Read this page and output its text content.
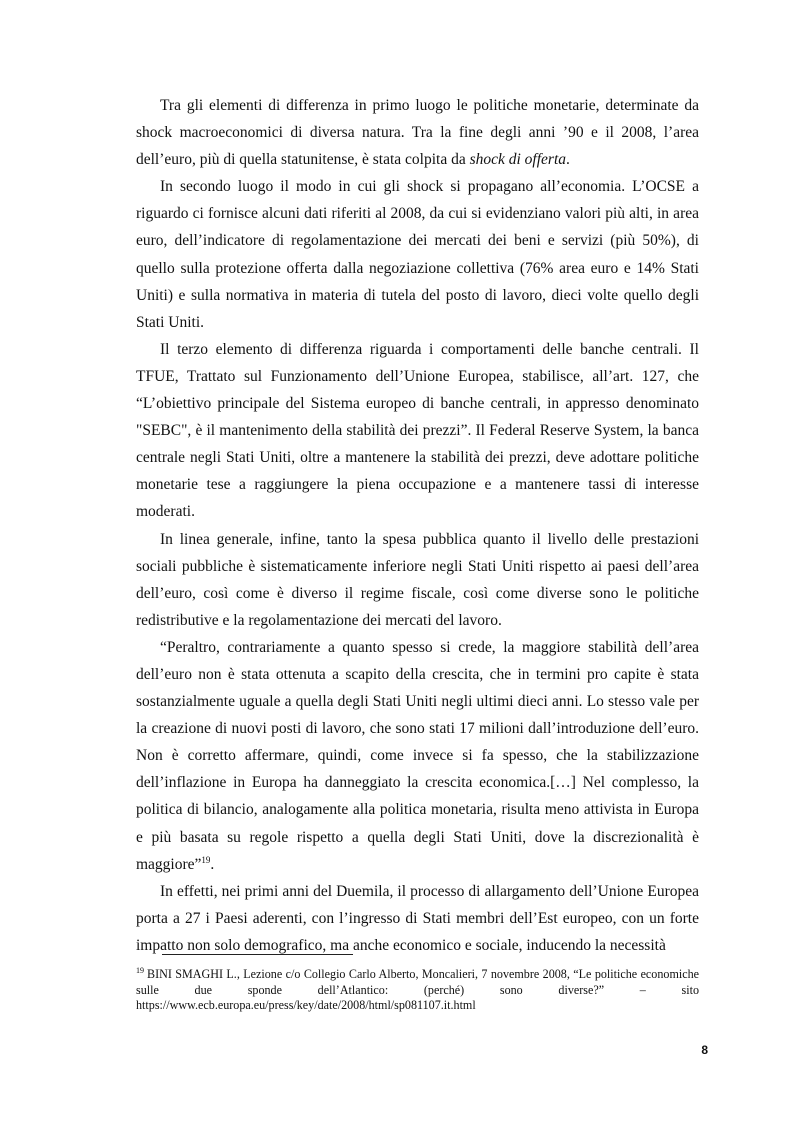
Tra gli elementi di differenza in primo luogo le politiche monetarie, determinate da shock macroeconomici di diversa natura. Tra la fine degli anni ’90 e il 2008, l’area dell’euro, più di quella statunitense, è stata colpita da shock di offerta.

In secondo luogo il modo in cui gli shock si propagano all’economia. L’OCSE a riguardo ci fornisce alcuni dati riferiti al 2008, da cui si evidenziano valori più alti, in area euro, dell’indicatore di regolamentazione dei mercati dei beni e servizi (più 50%), di quello sulla protezione offerta dalla negoziazione collettiva (76% area euro e 14% Stati Uniti) e sulla normativa in materia di tutela del posto di lavoro, dieci volte quello degli Stati Uniti.

Il terzo elemento di differenza riguarda i comportamenti delle banche centrali. Il TFUE, Trattato sul Funzionamento dell’Unione Europea, stabilisce, all’art. 127, che “L’obiettivo principale del Sistema europeo di banche centrali, in appresso denominato "SEBC", è il mantenimento della stabilità dei prezzi”. Il Federal Reserve System, la banca centrale negli Stati Uniti, oltre a mantenere la stabilità dei prezzi, deve adottare politiche monetarie tese a raggiungere la piena occupazione e a mantenere tassi di interesse moderati.

In linea generale, infine, tanto la spesa pubblica quanto il livello delle prestazioni sociali pubbliche è sistematicamente inferiore negli Stati Uniti rispetto ai paesi dell’area dell’euro, così come è diverso il regime fiscale, così come diverse sono le politiche redistributive e la regolamentazione dei mercati del lavoro.

“Peraltro, contrariamente a quanto spesso si crede, la maggiore stabilità dell’area dell’euro non è stata ottenuta a scapito della crescita, che in termini pro capite è stata sostanzialmente uguale a quella degli Stati Uniti negli ultimi dieci anni. Lo stesso vale per la creazione di nuovi posti di lavoro, che sono stati 17 milioni dall’introduzione dell’euro. Non è corretto affermare, quindi, come invece si fa spesso, che la stabilizzazione dell’inflazione in Europa ha danneggiato la crescita economica.[…] Nel complesso, la politica di bilancio, analogamente alla politica monetaria, risulta meno attivista in Europa e più basata su regole rispetto a quella degli Stati Uniti, dove la discrezionalità è maggiore”$^{19}$.

In effetti, nei primi anni del Duemila, il processo di allargamento dell’Unione Europea porta a 27 i Paesi aderenti, con l’ingresso di Stati membri dell’Est europeo, con un forte impatto non solo demografico, ma anche economico e sociale, inducendo la necessità

$^{19}$ BINI SMAGHI L., Lezione c/o Collegio Carlo Alberto, Moncalieri, 7 novembre 2008, “Le politiche economiche sulle due sponde dell’Atlantico: (perché) sono diverse?” – sito https://www.ecb.europa.eu/press/key/date/2008/html/sp081107.it.html
8
